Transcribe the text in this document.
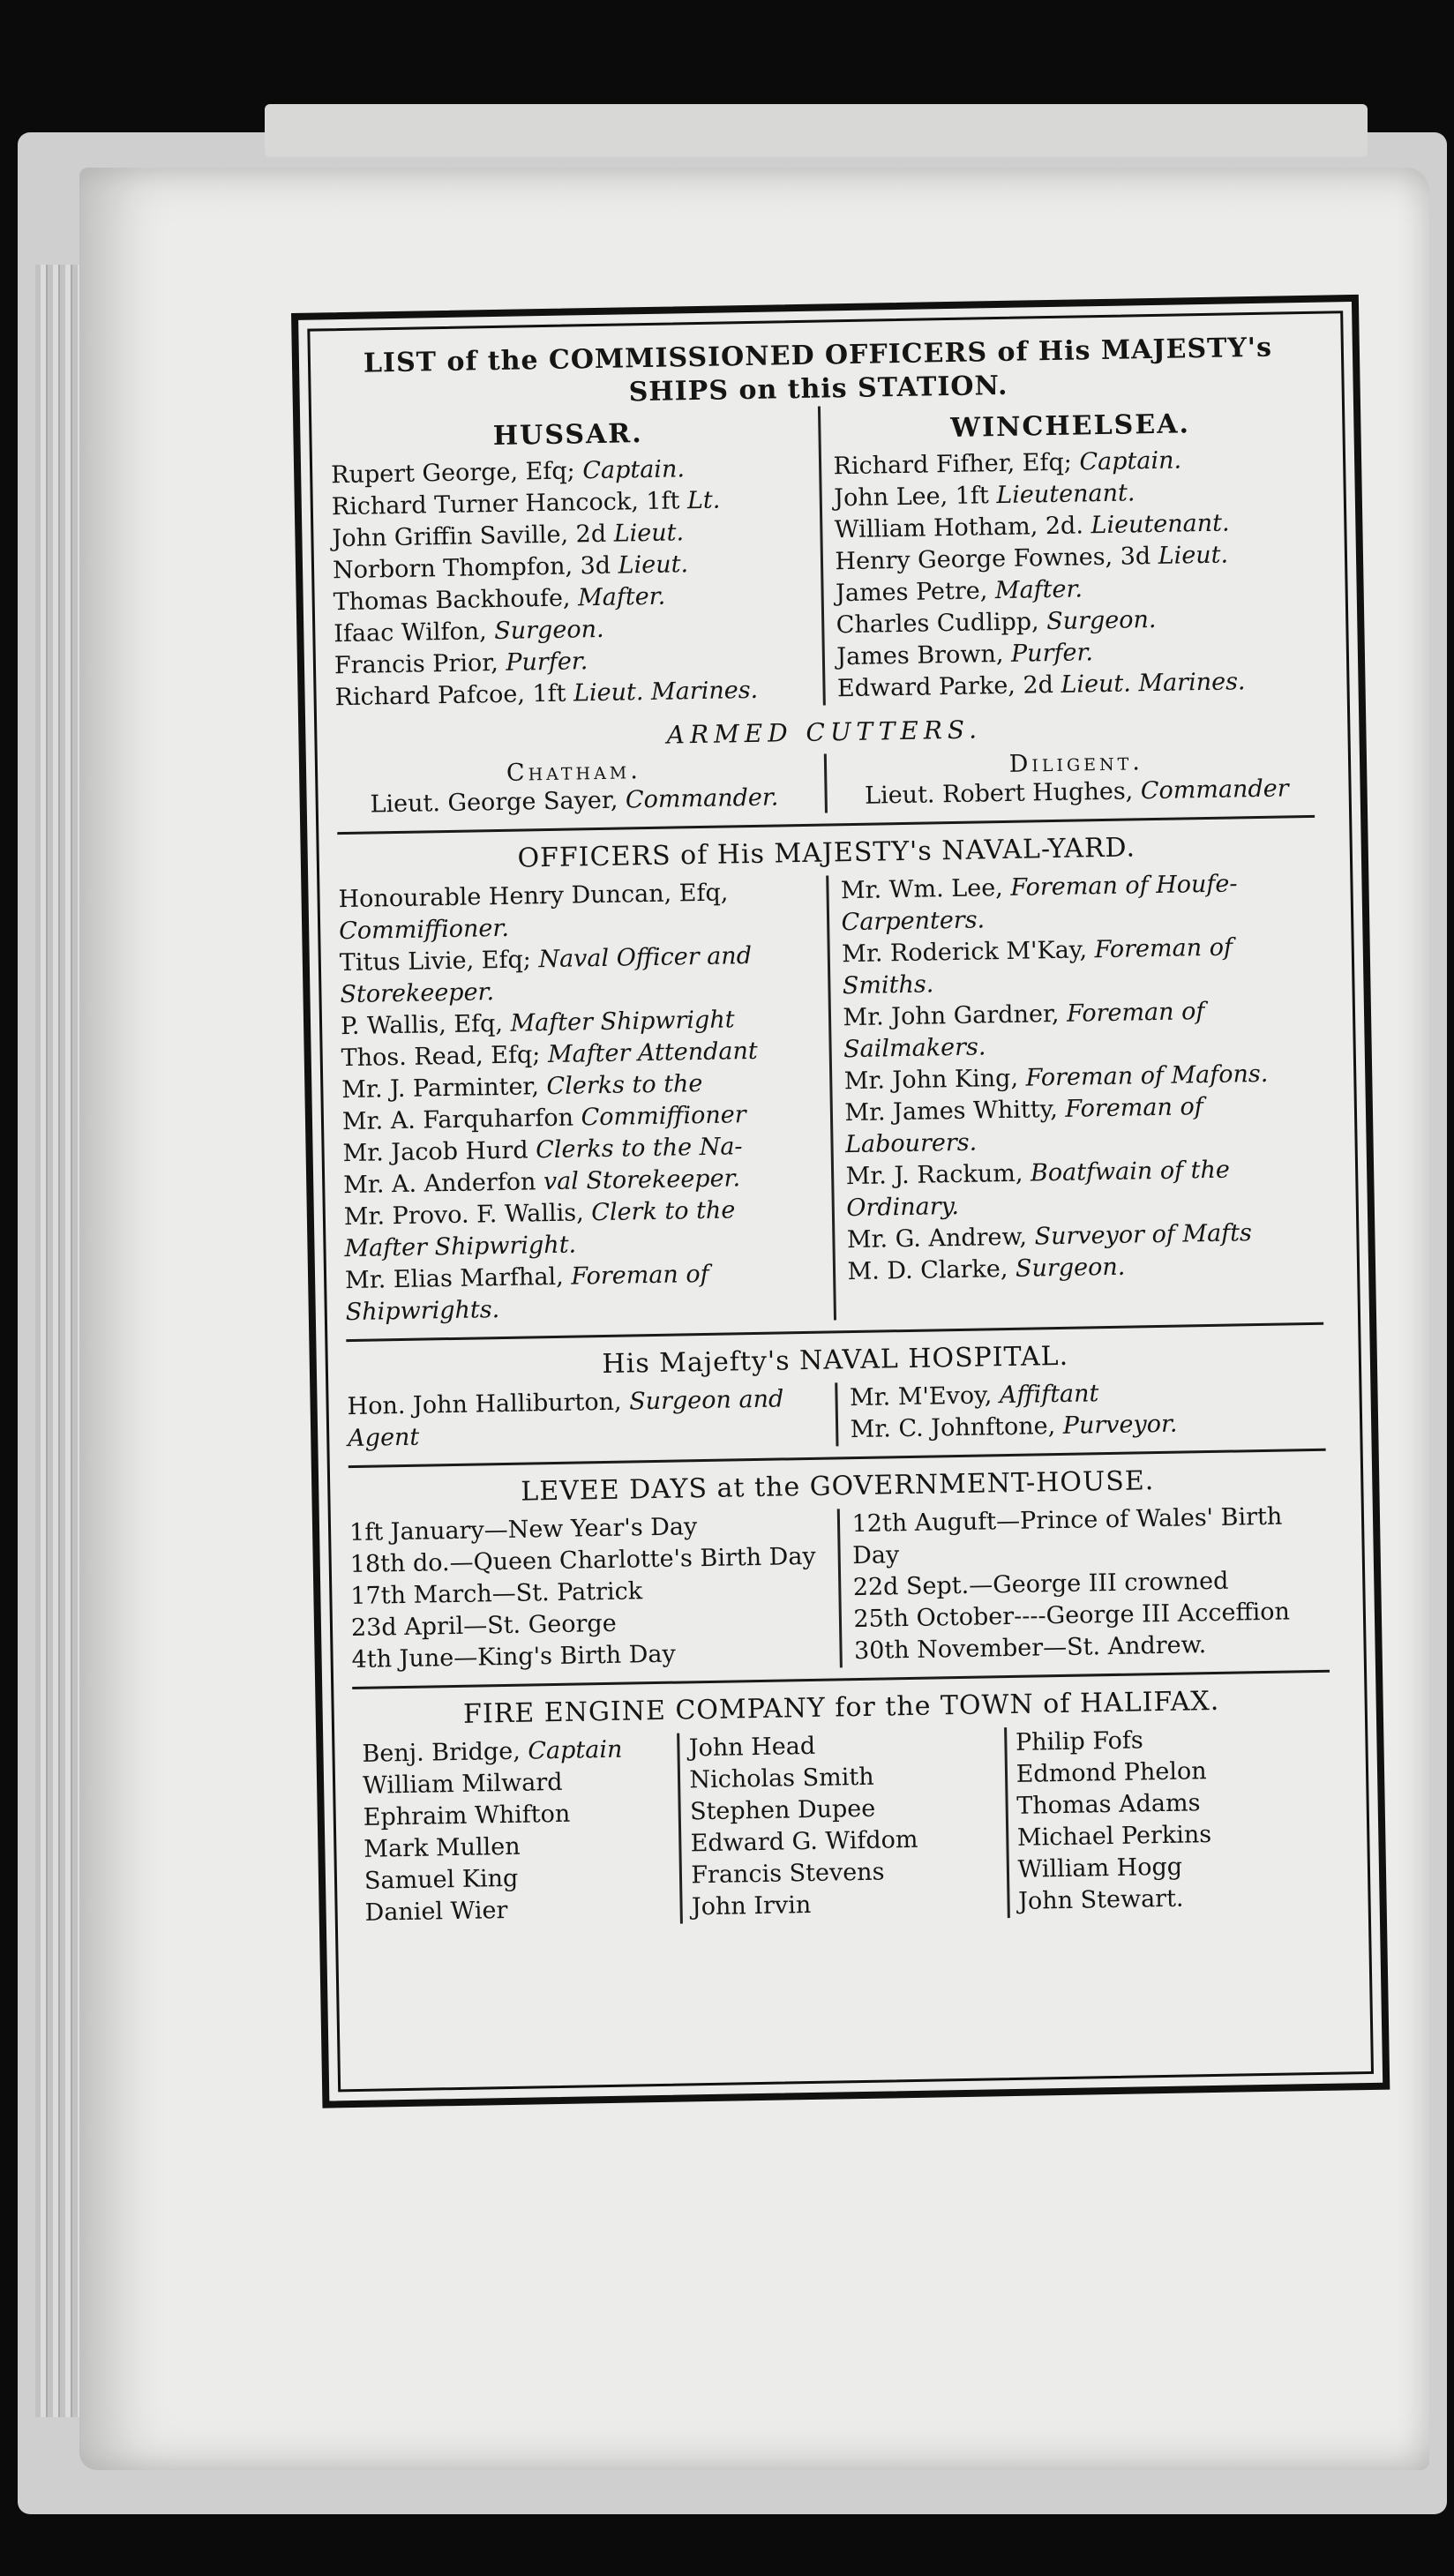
LIST of the COMMISSIONED OFFICERS of His MAJESTY's

SHIPS on this STATION.

HUSSAR.
Rupert George, Efq; Captain.
Richard Turner Hancock, 1ft Lt.
John Griffin Saville, 2d Lieut.
Norborn Thompfon, 3d Lieut.
Thomas Backhoufe, Mafter.
Ifaac Wilfon, Surgeon.
Francis Prior, Purfer.
Richard Pafcoe, 1ft Lieut. Marines.
WINCHELSEA.
Richard Fifher, Efq; Captain.
John Lee, 1ft Lieutenant.
William Hotham, 2d. Lieutenant.
Henry George Fownes, 3d Lieut.
James Petre, Mafter.
Charles Cudlipp, Surgeon.
James Brown, Purfer.
Edward Parke, 2d Lieut. Marines.
ARMED CUTTERS.
Chatham.
Lieut. George Sayer, Commander.
Diligent.
Lieut. Robert Hughes, Commander
OFFICERS of His MAJESTY's NAVAL-YARD.
Honourable Henry Duncan, Efq, Commiffioner.
Titus Livie, Efq; Naval Officer and Storekeeper.
P. Wallis, Efq, Mafter Shipwright
Thos. Read, Efq; Mafter Attendant
Mr. J. Parminter, Clerks to the
Mr. A. Farquharfon Commiffioner
Mr. Jacob Hurd Clerks to the Na-
Mr. A. Anderfon val Storekeeper.
Mr. Provo. F. Wallis, Clerk to the Mafter Shipwright.
Mr. Elias Marfhal, Foreman of Shipwrights.
Mr. Wm. Lee, Foreman of Houfe-Carpenters.
Mr. Roderick M'Kay, Foreman of Smiths.
Mr. John Gardner, Foreman of Sailmakers.
Mr. John King, Foreman of Mafons.
Mr. James Whitty, Foreman of Labourers.
Mr. J. Rackum, Boatfwain of the Ordinary.
Mr. G. Andrew, Surveyor of Mafts
M. D. Clarke, Surgeon.
His Majefty's NAVAL HOSPITAL.
Hon. John Halliburton, Surgeon and Agent
Mr. M'Evoy, Affiftant
Mr. C. Johnftone, Purveyor.
LEVEE DAYS at the GOVERNMENT-HOUSE.
1ft January—New Year's Day
18th do.—Queen Charlotte's Birth Day
17th March—St. Patrick
23d April—St. George
4th June—King's Birth Day
12th Auguft—Prince of Wales' Birth Day
22d Sept.—George III crowned
25th October----George III Acceffion
30th November—St. Andrew.
FIRE ENGINE COMPANY for the TOWN of HALIFAX.
Benj. Bridge, Captain
William Milward
Ephraim Whifton
Mark Mullen
Samuel King
Daniel Wier
John Head
Nicholas Smith
Stephen Dupee
Edward G. Wifdom
Francis Stevens
John Irvin
Philip Fofs
Edmond Phelon
Thomas Adams
Michael Perkins
William Hogg
John Stewart.
